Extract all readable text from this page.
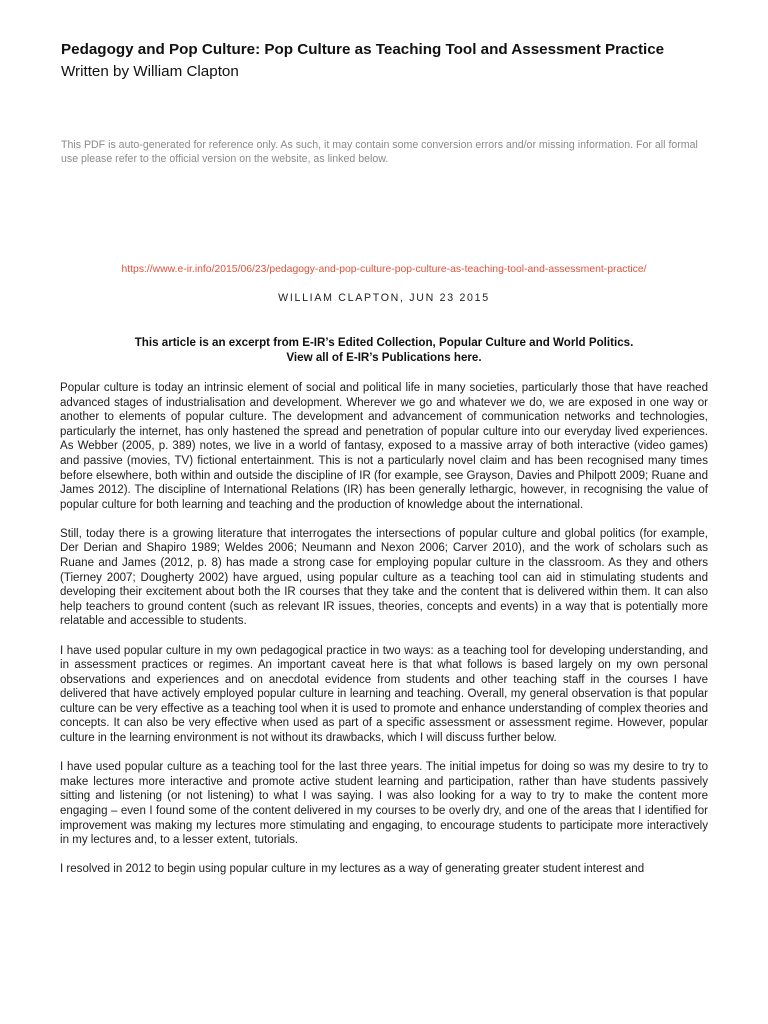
Pedagogy and Pop Culture: Pop Culture as Teaching Tool and Assessment Practice
Written by William Clapton
This PDF is auto-generated for reference only. As such, it may contain some conversion errors and/or missing information. For all formal use please refer to the official version on the website, as linked below.
https://www.e-ir.info/2015/06/23/pedagogy-and-pop-culture-pop-culture-as-teaching-tool-and-assessment-practice/
WILLIAM CLAPTON, JUN 23 2015

This article is an excerpt from E-IR’s Edited Collection, Popular Culture and World Politics.

View all of E-IR’s Publications here.

Popular culture is today an intrinsic element of social and political life in many societies, particularly those that have reached advanced stages of industrialisation and development. Wherever we go and whatever we do, we are exposed in one way or another to elements of popular culture. The development and advancement of communication networks and technologies, particularly the internet, has only hastened the spread and penetration of popular culture into our everyday lived experiences. As Webber (2005, p. 389) notes, we live in a world of fantasy, exposed to a massive array of both interactive (video games) and passive (movies, TV) fictional entertainment. This is not a particularly novel claim and has been recognised many times before elsewhere, both within and outside the discipline of IR (for example, see Grayson, Davies and Philpott 2009; Ruane and James 2012). The discipline of International Relations (IR) has been generally lethargic, however, in recognising the value of popular culture for both learning and teaching and the production of knowledge about the international.

Still, today there is a growing literature that interrogates the intersections of popular culture and global politics (for example, Der Derian and Shapiro 1989; Weldes 2006; Neumann and Nexon 2006; Carver 2010), and the work of scholars such as Ruane and James (2012, p. 8) has made a strong case for employing popular culture in the classroom. As they and others (Tierney 2007; Dougherty 2002) have argued, using popular culture as a teaching tool can aid in stimulating students and developing their excitement about both the IR courses that they take and the content that is delivered within them. It can also help teachers to ground content (such as relevant IR issues, theories, concepts and events) in a way that is potentially more relatable and accessible to students.

I have used popular culture in my own pedagogical practice in two ways: as a teaching tool for developing understanding, and in assessment practices or regimes. An important caveat here is that what follows is based largely on my own personal observations and experiences and on anecdotal evidence from students and other teaching staff in the courses I have delivered that have actively employed popular culture in learning and teaching. Overall, my general observation is that popular culture can be very effective as a teaching tool when it is used to promote and enhance understanding of complex theories and concepts. It can also be very effective when used as part of a specific assessment or assessment regime. However, popular culture in the learning environment is not without its drawbacks, which I will discuss further below.

I have used popular culture as a teaching tool for the last three years. The initial impetus for doing so was my desire to try to make lectures more interactive and promote active student learning and participation, rather than have students passively sitting and listening (or not listening) to what I was saying. I was also looking for a way to try to make the content more engaging – even I found some of the content delivered in my courses to be overly dry, and one of the areas that I identified for improvement was making my lectures more stimulating and engaging, to encourage students to participate more interactively in my lectures and, to a lesser extent, tutorials.

I resolved in 2012 to begin using popular culture in my lectures as a way of generating greater student interest and
